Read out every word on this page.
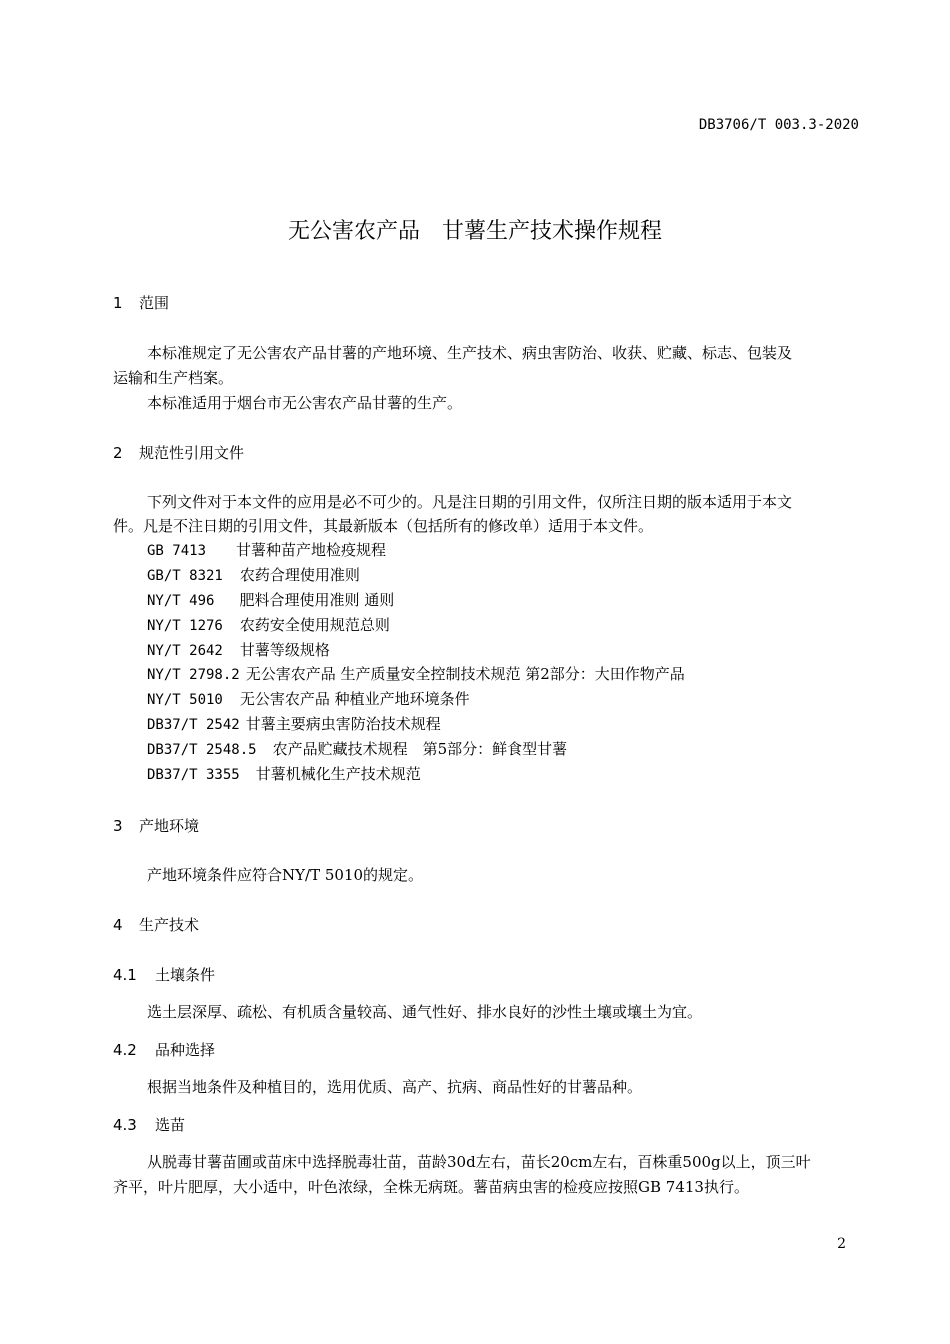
DB3706/T 003.3-2020
无公害农产品　甘薯生产技术操作规程
1 范围
本标准规定了无公害农产品甘薯的产地环境、生产技术、病虫害防治、收获、贮藏、标志、包装及
运输和生产档案。
本标准适用于烟台市无公害农产品甘薯的生产。
2 规范性引用文件
下列文件对于本文件的应用是必不可少的。凡是注日期的引用文件，仅所注日期的版本适用于本文
件。凡是不注日期的引用文件，其最新版本（包括所有的修改单）适用于本文件。
GB 7413 甘薯种苗产地检疫规程
GB/T 8321 农药合理使用准则
NY/T 496 肥料合理使用准则 通则
NY/T 1276 农药安全使用规范总则
NY/T 2642 甘薯等级规格
NY/T 2798.2 无公害农产品 生产质量安全控制技术规范 第2部分：大田作物产品
NY/T 5010 无公害农产品 种植业产地环境条件
DB37/T 2542 甘薯主要病虫害防治技术规程
DB37/T 2548.5 农产品贮藏技术规程　第5部分：鲜食型甘薯
DB37/T 3355 甘薯机械化生产技术规范
3 产地环境
产地环境条件应符合NY/T 5010的规定。
4 生产技术
4.1 土壤条件
选土层深厚、疏松、有机质含量较高、通气性好、排水良好的沙性土壤或壤土为宜。
4.2 品种选择
根据当地条件及种植目的，选用优质、高产、抗病、商品性好的甘薯品种。
4.3 选苗
从脱毒甘薯苗圃或苗床中选择脱毒壮苗，苗龄30d左右，苗长20cm左右，百株重500g以上，顶三叶
齐平，叶片肥厚，大小适中，叶色浓绿，全株无病斑。薯苗病虫害的检疫应按照GB 7413执行。
2
